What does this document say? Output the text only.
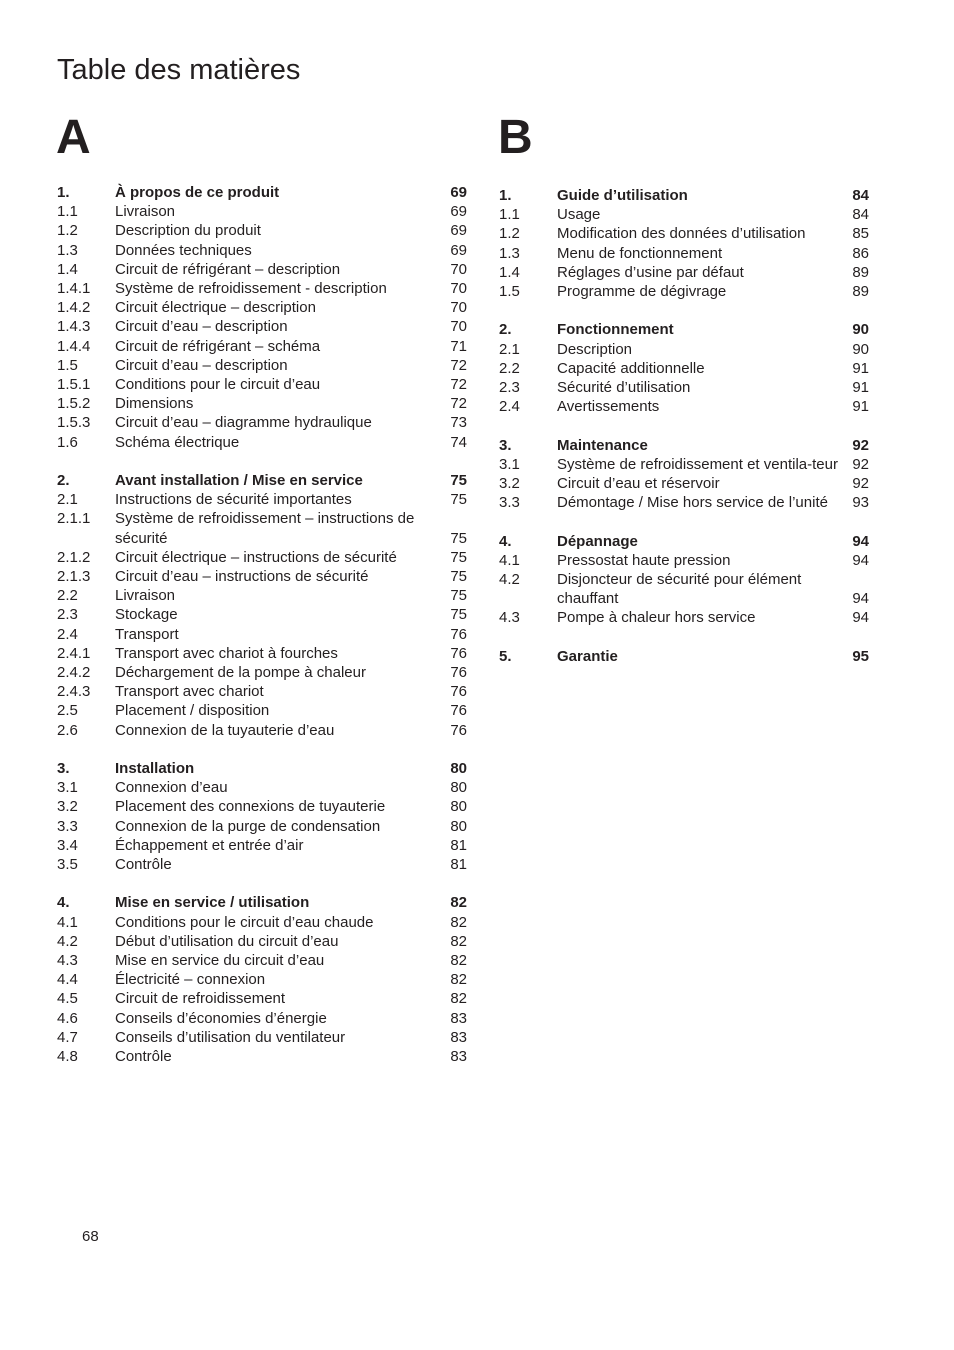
Table des matières
A	B
1.	À propos de ce produit	69
1.1	Livraison	69
1.2	Description du produit	69
1.3	Données techniques	69
1.4	Circuit de réfrigérant – description	70
1.4.1	Système de refroidissement - description	70
1.4.2	Circuit électrique – description	70
1.4.3	Circuit d’eau – description	70
1.4.4	Circuit de réfrigérant – schéma	71
1.5	Circuit d’eau – description	72
1.5.1	Conditions pour le circuit d’eau	72
1.5.2	Dimensions	72
1.5.3	Circuit d’eau – diagramme hydraulique	73
1.6	Schéma électrique	74
2.	Avant installation / Mise en service	75
2.1	Instructions de sécurité importantes	75
2.1.1	Système de refroidissement – instructions de sécurité	75
2.1.2	Circuit électrique – instructions de sécurité	75
2.1.3	Circuit d’eau – instructions de sécurité	75
2.2	Livraison	75
2.3	Stockage	75
2.4	Transport	76
2.4.1	Transport avec chariot à fourches	76
2.4.2	Déchargement de la pompe à chaleur	76
2.4.3	Transport avec chariot	76
2.5	Placement / disposition	76
2.6	Connexion de la tuyauterie d’eau	76
3.	Installation	80
3.1	Connexion d’eau	80
3.2	Placement des connexions de tuyauterie	80
3.3	Connexion de la purge de condensation	80
3.4	Échappement et entrée d’air	81
3.5	Contrôle	81
4.	Mise en service / utilisation	82
4.1	Conditions pour le circuit d’eau chaude	82
4.2	Début d’utilisation du circuit d’eau	82
4.3	Mise en service du circuit d’eau	82
4.4	Électricité – connexion	82
4.5	Circuit de refroidissement	82
4.6	Conseils d’économies d’énergie	83
4.7	Conseils d’utilisation du ventilateur	83
4.8	Contrôle	83
1.	Guide d’utilisation	84
1.1	Usage	84
1.2	Modification des données d’utilisation	85
1.3	Menu de fonctionnement	86
1.4	Réglages d’usine par défaut	89
1.5	Programme de dégivrage	89
2.	Fonctionnement	90
2.1	Description	90
2.2	Capacité additionnelle	91
2.3	Sécurité d’utilisation	91
2.4	Avertissements	91
3.	Maintenance	92
3.1	Système de refroidissement et ventila-teur 92
3.2	Circuit d’eau et réservoir	92
3.3	Démontage / Mise hors service de l’unité	93
4.	Dépannage	94
4.1	Pressostat haute pression	94
4.2	Disjoncteur de sécurité pour élément chauffant	94
4.3	Pompe à chaleur hors service	94
5.	Garantie	95
68
